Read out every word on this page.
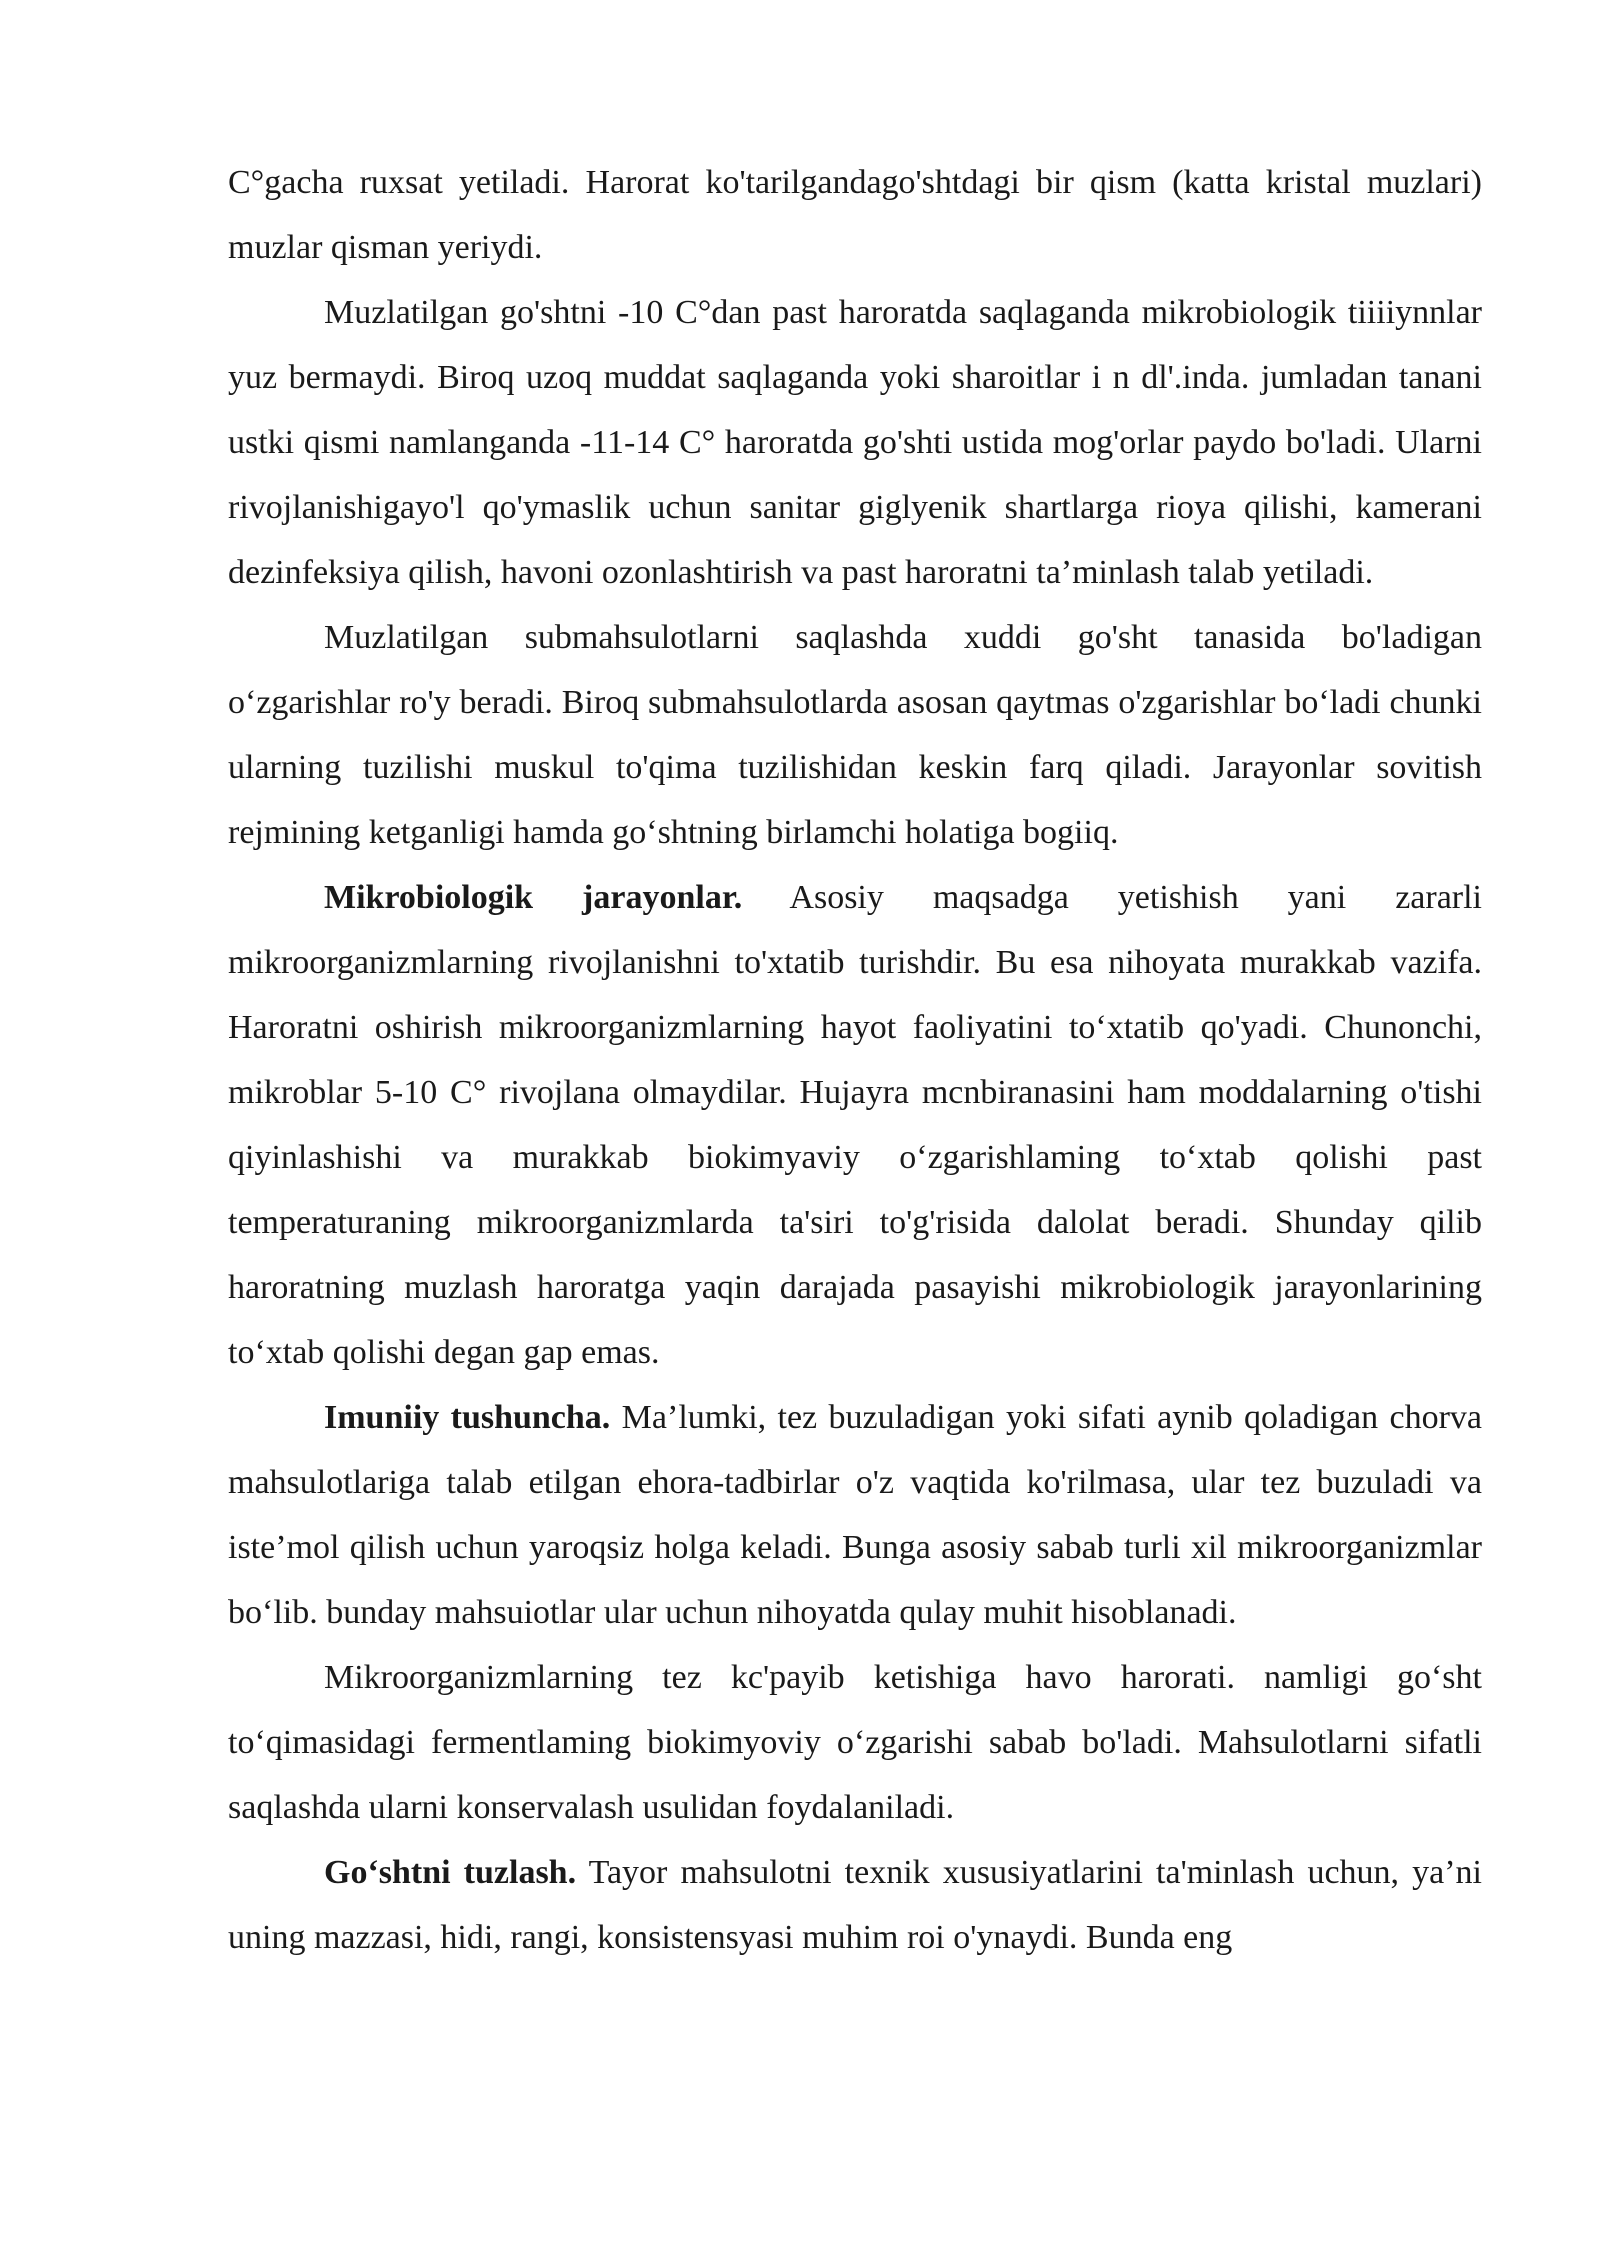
C°gacha ruxsat yetiladi. Harorat ko'tarilgandago'shtdagi bir qism (katta kristal muzlari) muzlar qisman yeriydi.

Muzlatilgan go'shtni -10 C°dan past haroratda saqlaganda mikrobiologik tiiiiynnlar yuz bermaydi. Biroq uzoq muddat saqlaganda yoki sharoitlar i n dl'.inda. jumladan tanani ustki qismi namlanganda -11-14 C° haroratda go'shti ustida mog'orlar paydo bo'ladi. Ularni rivojlanishigayo'l qo'ymaslik uchun sanitar giglyenik shartlarga rioya qilishi, kamerani dezinfeksiya qilish, havoni ozonlashtirish va past haroratni ta’minlash talab yetiladi.

Muzlatilgan submahsulotlarni saqlashda xuddi go'sht tanasida bo'ladigan o‘zgarishlar ro'y beradi. Biroq submahsulotlarda asosan qaytmas o'zgarishlar bo‘ladi chunki ularning tuzilishi muskul to'qima tuzilishidan keskin farq qiladi. Jarayonlar sovitish rejmining ketganligi hamda go‘shtning birlamchi holatiga bogiiq.

Mikrobiologik jarayonlar. Asosiy maqsadga yetishish yani zararli mikroorganizmlarning rivojlanishni to'xtatib turishdir. Bu esa nihoyata murakkab vazifa. Haroratni oshirish mikroorganizmlarning hayot faoliyatini to‘xtatib qo'yadi. Chunonchi, mikroblar 5-10 C° rivojlana olmaydilar. Hujayra mcnbiranasini ham moddalarning o'tishi qiyinlashishi va murakkab biokimyaviy o‘zgarishlaming to‘xtab qolishi past temperaturaning mikroorganizmlarda ta'siri to'g'risida dalolat beradi. Shunday qilib haroratning muzlash haroratga yaqin darajada pasayishi mikrobiologik jarayonlarining to‘xtab qolishi degan gap emas.

Imuniiy tushuncha. Ma’lumki, tez buzuladigan yoki sifati aynib qoladigan chorva mahsulotlariga talab etilgan ehora-tadbirlar o'z vaqtida ko'rilmasa, ular tez buzuladi va iste’mol qilish uchun yaroqsiz holga keladi. Bunga asosiy sabab turli xil mikroorganizmlar bo‘lib. bunday mahsuiotlar ular uchun nihoyatda qulay muhit hisoblanadi.

Mikroorganizmlarning tez kc'payib ketishiga havo harorati. namligi go‘sht to‘qimasidagi fermentlaming biokimyoviy o‘zgarishi sabab bo'ladi. Mahsulotlarni sifatli saqlashda ularni konservalash usulidan foydalaniladi.

Go‘shtni tuzlash. Tayor mahsulotni texnik xususiyatlarini ta'minlash uchun, ya’ni uning mazzasi, hidi, rangi, konsistensyasi muhim roi o'ynaydi. Bunda eng
